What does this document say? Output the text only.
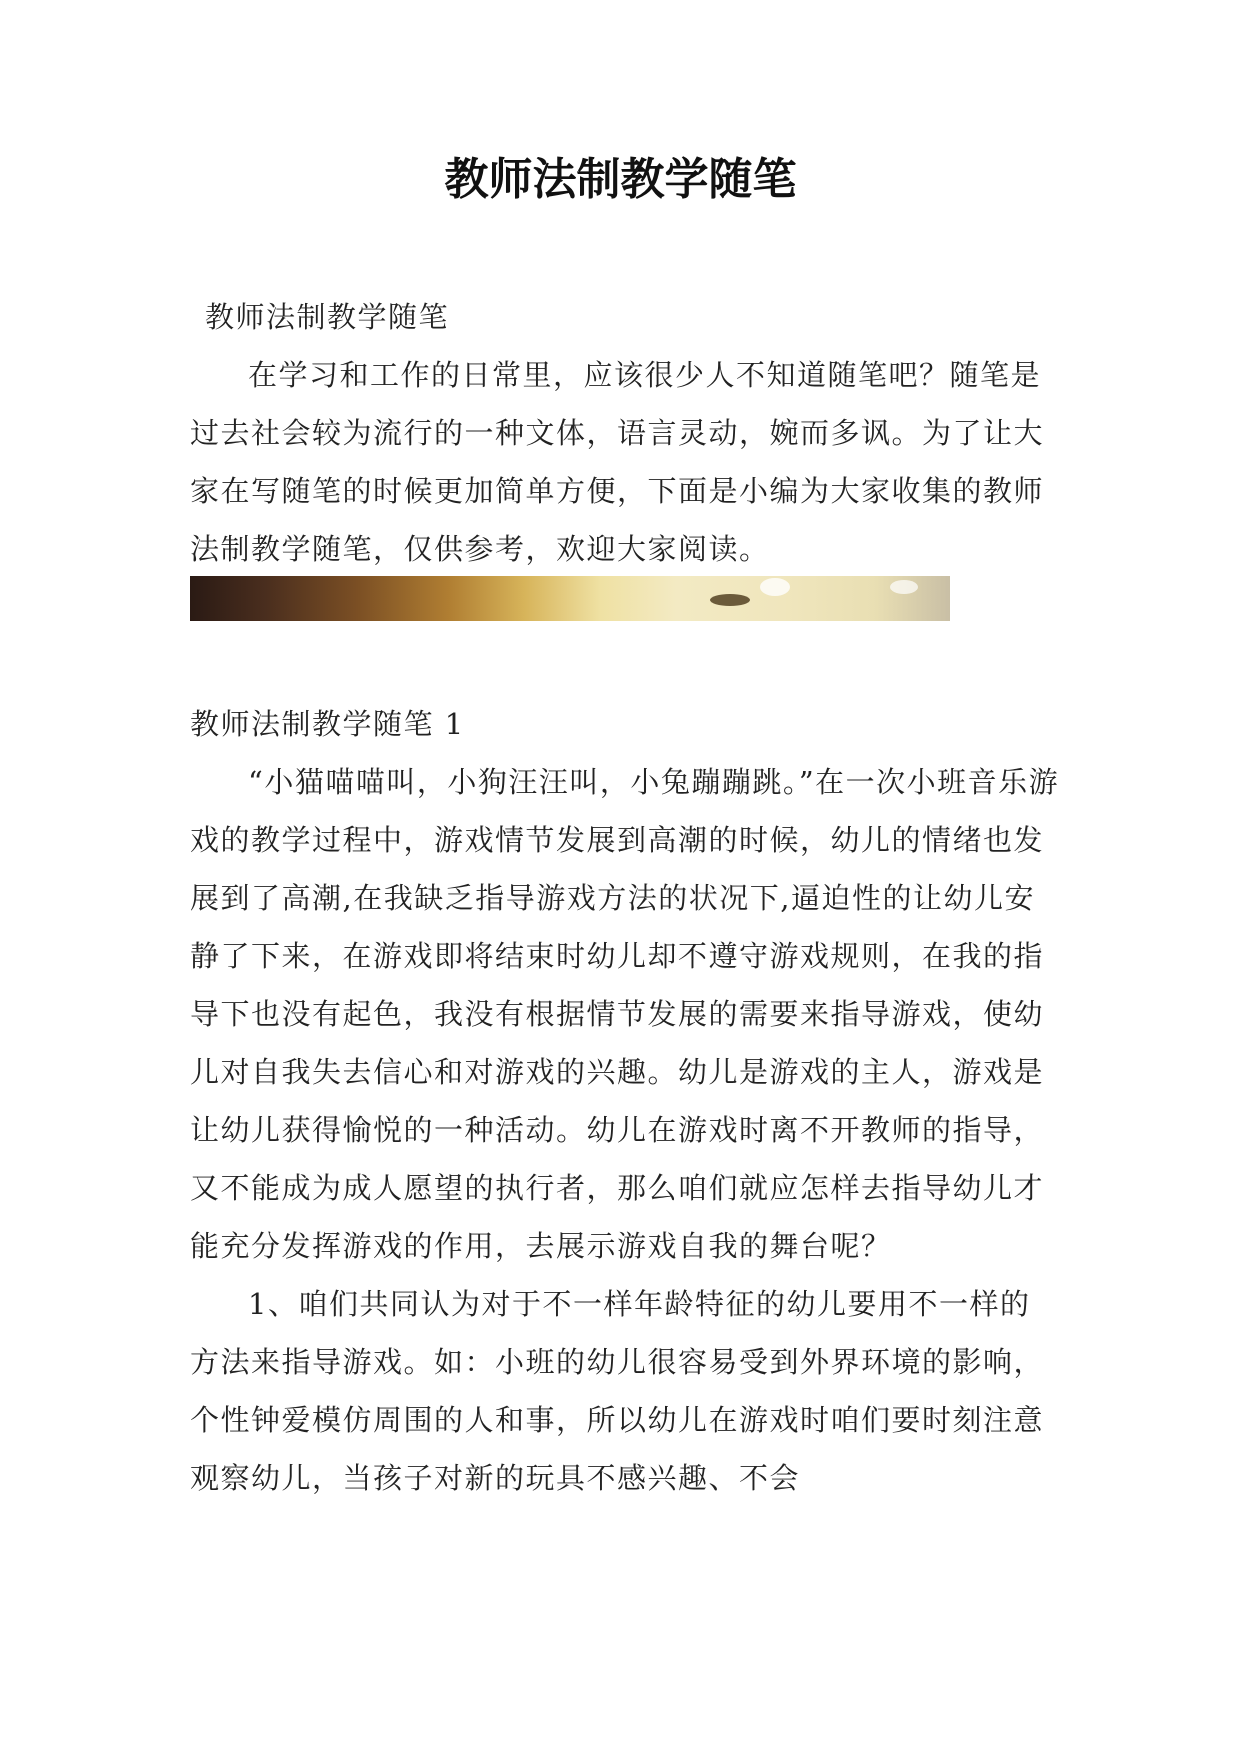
教师法制教学随笔
教师法制教学随笔

在学习和工作的日常里，应该很少人不知道随笔吧？随笔是过去社会较为流行的一种文体，语言灵动，婉而多讽。为了让大家在写随笔的时候更加简单方便，下面是小编为大家收集的教师法制教学随笔，仅供参考，欢迎大家阅读。

教师法制教学随笔 1

“小猫喵喵叫，小狗汪汪叫，小兔蹦蹦跳。”在一次小班音乐游戏的教学过程中，游戏情节发展到高潮的时候，幼儿的情绪也发展到了高潮,在我缺乏指导游戏方法的状况下,逼迫性的让幼儿安静了下来，在游戏即将结束时幼儿却不遵守游戏规则，在我的指导下也没有起色，我没有根据情节发展的需要来指导游戏，使幼儿对自我失去信心和对游戏的兴趣。幼儿是游戏的主人，游戏是让幼儿获得愉悦的一种活动。幼儿在游戏时离不开教师的指导，又不能成为成人愿望的执行者，那么咱们就应怎样去指导幼儿才能充分发挥游戏的作用，去展示游戏自我的舞台呢？

1、咱们共同认为对于不一样年龄特征的幼儿要用不一样的方法来指导游戏。如：小班的幼儿很容易受到外界环境的影响，个性钟爱模仿周围的人和事，所以幼儿在游戏时咱们要时刻注意观察幼儿，当孩子对新的玩具不感兴趣、不会
